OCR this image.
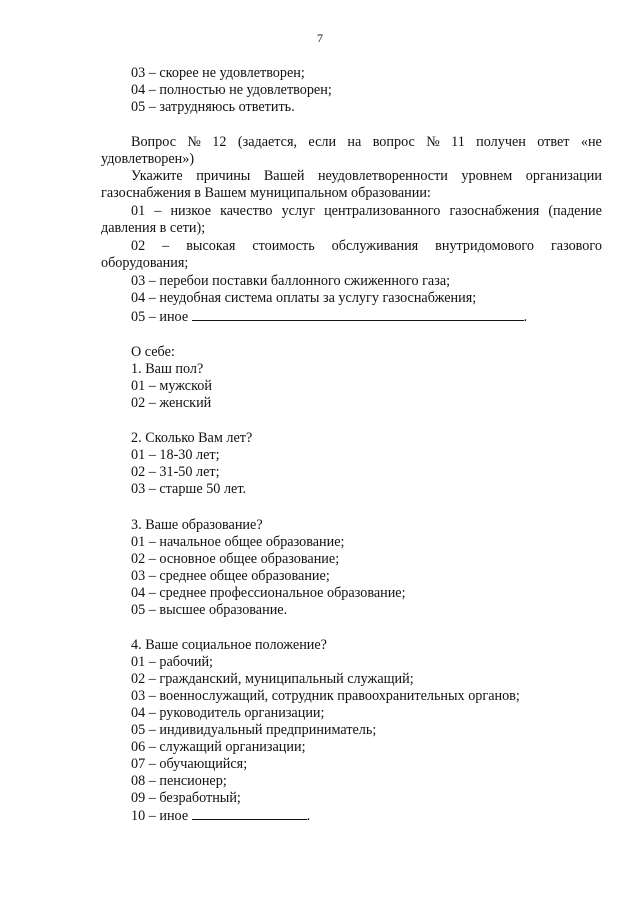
7
03 – скорее не удовлетворен;
04 – полностью не удовлетворен;
05 – затрудняюсь ответить.
Вопрос № 12 (задается, если на вопрос № 11 получен ответ «не
удовлетворен»)
Укажите причины Вашей неудовлетворенности уровнем организации
газоснабжения в Вашем муниципальном образовании:
01 – низкое качество услуг централизованного газоснабжения (падение
давления в сети);
02 – высокая стоимость обслуживания внутридомового газового
оборудования;
03 – перебои поставки баллонного сжиженного газа;
04 – неудобная система оплаты за услугу газоснабжения;
05 – иное	.
О себе:
1. Ваш пол?
01 – мужской
02 – женский
2. Сколько Вам лет?
01 – 18-30 лет;
02 – 31-50 лет;
03 – старше 50 лет.
3. Ваше образование?
01 – начальное общее образование;
02 – основное общее образование;
03 – среднее общее образование;
04 – среднее профессиональное образование;
05 – высшее образование.
4. Ваше социальное положение?
01 – рабочий;
02 – гражданский, муниципальный служащий;
03 – военнослужащий, сотрудник правоохранительных органов;
04 – руководитель организации;
05 – индивидуальный предприниматель;
06 – служащий организации;
07 – обучающийся;
08 – пенсионер;
09 – безработный;
10 – иное	.
